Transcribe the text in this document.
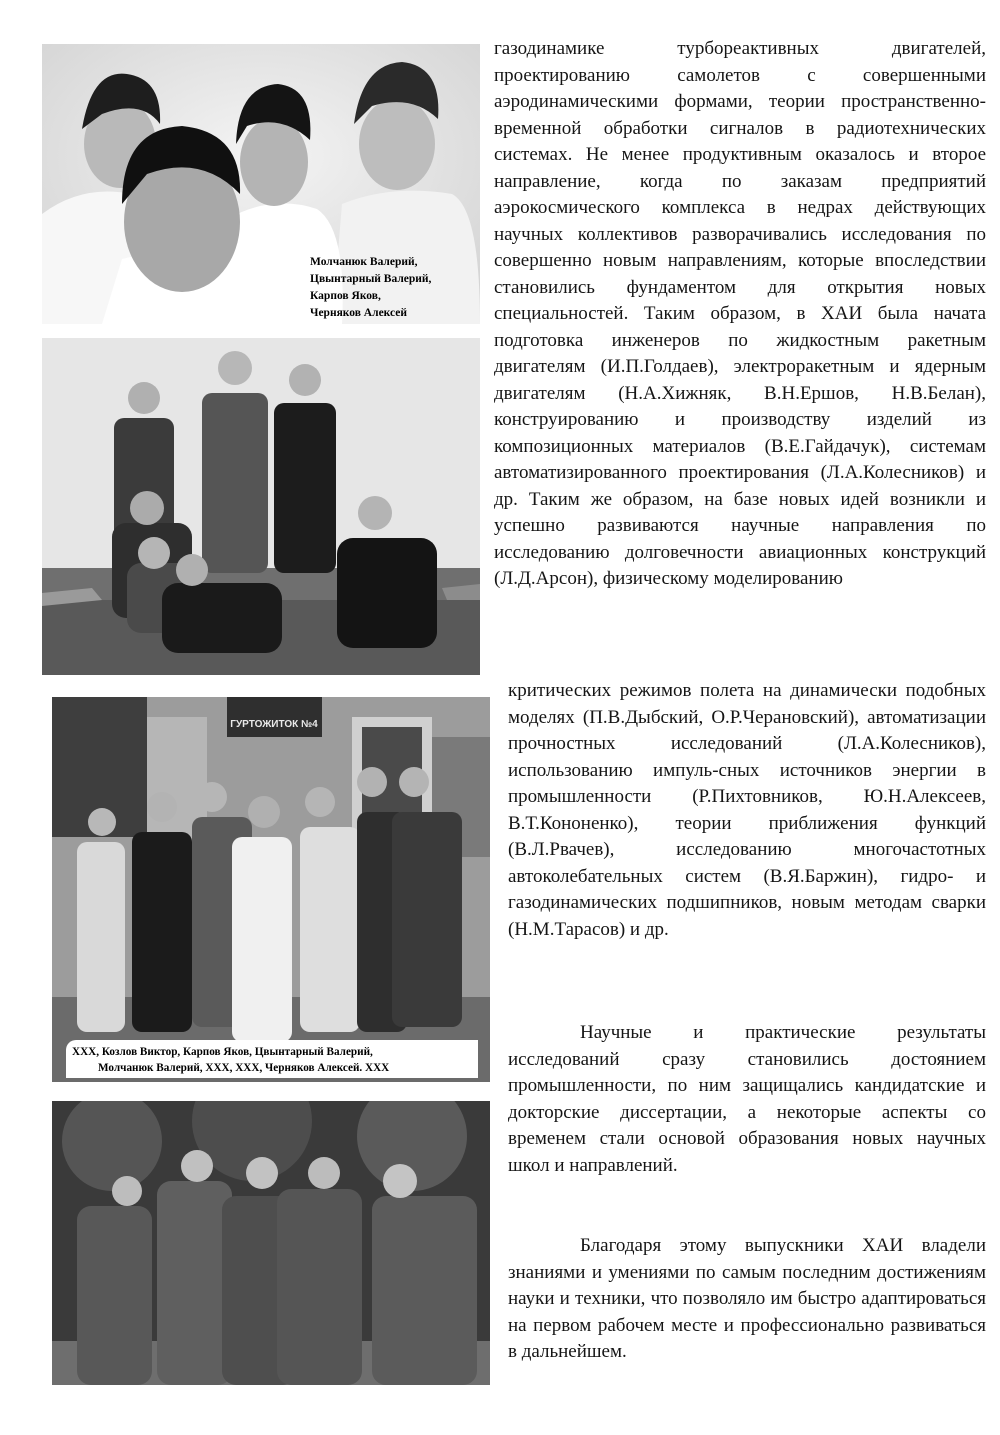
Молчанюк Валерий,
Цвынтарный Валерий,
Карпов Яков,
Черняков Алексей
ГУРТОЖИТОК №4
ХХХ, Козлов Виктор, Карпов Яков, Цвынтарный Валерий,
Молчанюк Валерий, ХХХ, ХХХ, Черняков Алексей. ХХХ
газодинамике турбореактивных двигателей, проектированию самолетов с совершенными аэродинамическими формами, теории пространственно-временной обработки сигналов в радиотехнических системах. Не менее продуктивным оказалось и второе направление, когда по заказам предприятий аэрокосмического комплекса в недрах действующих научных коллективов разворачивались исследования по совершенно новым направлениям, которые впоследствии становились фундаментом для открытия новых специальностей. Таким образом, в ХАИ была начата подготовка инженеров по жидкостным ракетным двигателям (И.П.Голдаев), электроракетным и ядерным двигателям (Н.А.Хижняк, В.Н.Ершов, Н.В.Белан), конструированию и производству изделий из композиционных материалов (В.Е.Гайдачук), системам автоматизированного проектирования (Л.А.Колесников) и др. Таким же образом, на базе новых идей возникли и успешно развиваются научные направления по исследованию долговечности авиационных конструкций (Л.Д.Арсон), физическому моделированию
критических режимов полета на динамически подобных моделях (П.В.Дыбский, О.Р.Черановский), автоматизации прочностных исследований (Л.А.Колесников), использованию импуль-сных источников энергии в промышленности (Р.Пихтовников, Ю.Н.Алексеев, В.Т.Кононенко), теории приближения функций (В.Л.Рвачев), исследованию многочастотных автоколебательных систем (В.Я.Баржин), гидро- и газодинамических подшипников, новым методам сварки (Н.М.Тарасов) и др.
Научные и практические результаты исследований сразу становились достоянием промышленности, по ним защищались кандидатские и докторские диссертации, а некоторые аспекты со временем стали основой образования новых научных школ и направлений.
Благодаря этому выпускники ХАИ владели знаниями и умениями по самым последним достижениям науки и техники, что позволяло им быстро адаптироваться на первом рабочем месте и профессионально развиваться в дальнейшем.
